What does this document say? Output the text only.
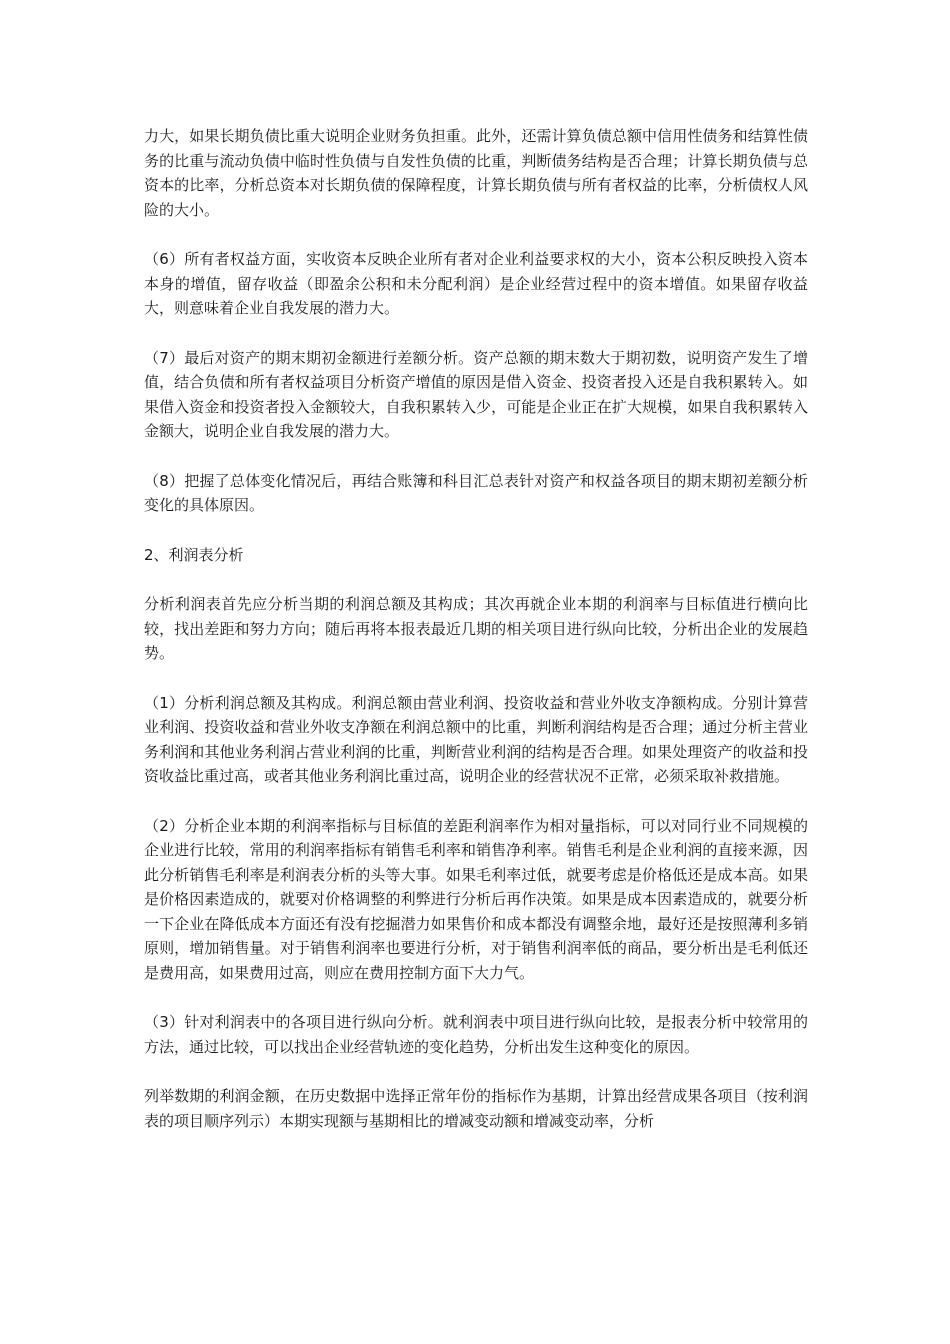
力大，如果长期负债比重大说明企业财务负担重。此外，还需计算负债总额中信用性债务和结算性债务的比重与流动负债中临时性负债与自发性负债的比重，判断债务结构是否合理；计算长期负债与总资本的比率，分析总资本对长期负债的保障程度，计算长期负债与所有者权益的比率，分析债权人风险的大小。

（6）所有者权益方面，实收资本反映企业所有者对企业利益要求权的大小，资本公积反映投入资本本身的增值，留存收益（即盈余公积和未分配利润）是企业经营过程中的资本增值。如果留存收益大，则意味着企业自我发展的潜力大。

（7）最后对资产的期末期初金额进行差额分析。资产总额的期末数大于期初数，说明资产发生了增值，结合负债和所有者权益项目分析资产增值的原因是借入资金、投资者投入还是自我积累转入。如果借入资金和投资者投入金额较大，自我积累转入少，可能是企业正在扩大规模，如果自我积累转入金额大，说明企业自我发展的潜力大。

（8）把握了总体变化情况后，再结合账簿和科目汇总表针对资产和权益各项目的期末期初差额分析变化的具体原因。

2、利润表分析

分析利润表首先应分析当期的利润总额及其构成；其次再就企业本期的利润率与目标值进行横向比较，找出差距和努力方向；随后再将本报表最近几期的相关项目进行纵向比较，分析出企业的发展趋势。

（1）分析利润总额及其构成。利润总额由营业利润、投资收益和营业外收支净额构成。分别计算营业利润、投资收益和营业外收支净额在利润总额中的比重，判断利润结构是否合理；通过分析主营业务利润和其他业务利润占营业利润的比重，判断营业利润的结构是否合理。如果处理资产的收益和投资收益比重过高，或者其他业务利润比重过高，说明企业的经营状况不正常，必须采取补救措施。

（2）分析企业本期的利润率指标与目标值的差距利润率作为相对量指标，可以对同行业不同规模的企业进行比较，常用的利润率指标有销售毛利率和销售净利率。销售毛利是企业利润的直接来源，因此分析销售毛利率是利润表分析的头等大事。如果毛利率过低，就要考虑是价格低还是成本高。如果是价格因素造成的，就要对价格调整的利弊进行分析后再作决策。如果是成本因素造成的，就要分析一下企业在降低成本方面还有没有挖掘潜力如果售价和成本都没有调整余地，最好还是按照薄利多销原则，增加销售量。对于销售利润率也要进行分析，对于销售利润率低的商品，要分析出是毛利低还是费用高，如果费用过高，则应在费用控制方面下大力气。

（3）针对利润表中的各项目进行纵向分析。就利润表中项目进行纵向比较，是报表分析中较常用的方法，通过比较，可以找出企业经营轨迹的变化趋势，分析出发生这种变化的原因。

列举数期的利润金额，在历史数据中选择正常年份的指标作为基期，计算出经营成果各项目（按利润表的项目顺序列示）本期实现额与基期相比的增减变动额和增减变动率，分析
